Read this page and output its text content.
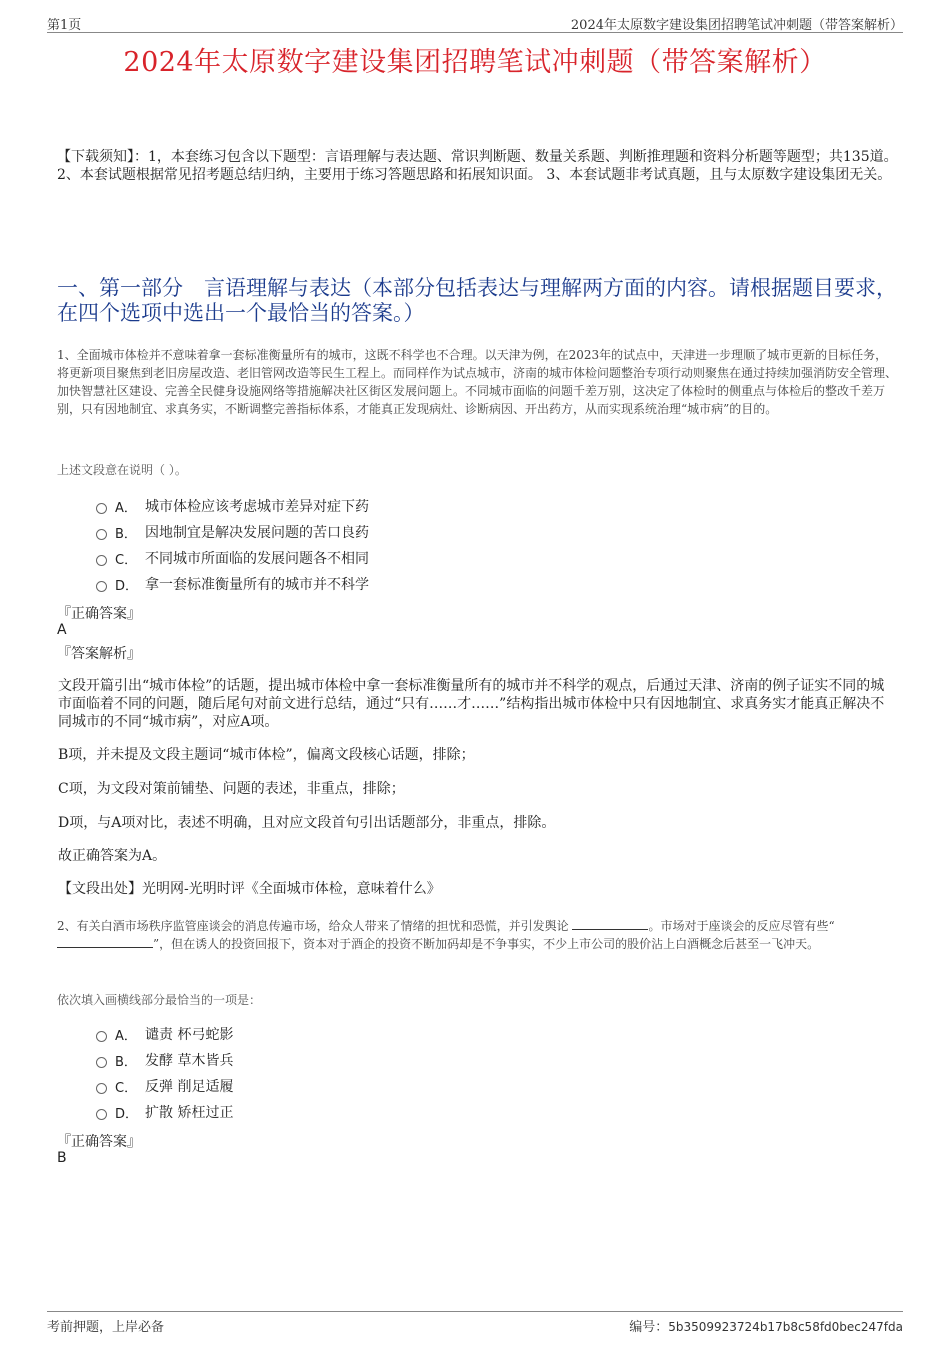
第1页	2024年太原数字建设集团招聘笔试冲刺题（带答案解析）
2024年太原数字建设集团招聘笔试冲刺题（带答案解析）
【下载须知】：1，本套练习包含以下题型：言语理解与表达题、常识判断题、数量关系题、判断推理题和资料分析题等题型；共135道。 2、本套试题根据常见招考题总结归纳，主要用于练习答题思路和拓展知识面。 3、本套试题非考试真题，且与太原数字建设集团无关。
一、第一部分　言语理解与表达（本部分包括表达与理解两方面的内容。请根据题目要求，在四个选项中选出一个最恰当的答案。）
1、全面城市体检并不意味着拿一套标准衡量所有的城市，这既不科学也不合理。以天津为例，在2023年的试点中，天津进一步理顺了城市更新的目标任务，将更新项目聚焦到老旧房屋改造、老旧管网改造等民生工程上。而同样作为试点城市，济南的城市体检问题整治专项行动则聚焦在通过持续加强消防安全管理、加快智慧社区建设、完善全民健身设施网络等措施解决社区街区发展问题上。不同城市面临的问题千差万别，这决定了体检时的侧重点与体检后的整改千差万别，只有因地制宜、求真务实，不断调整完善指标体系，才能真正发现病灶、诊断病因、开出药方，从而实现系统治理“城市病”的目的。
上述文段意在说明（ ）。
A． 城市体检应该考虑城市差异对症下药
B． 因地制宜是解决发展问题的苦口良药
C． 不同城市所面临的发展问题各不相同
D． 拿一套标准衡量所有的城市并不科学
『正确答案』
A
『答案解析』
文段开篇引出“城市体检”的话题，提出城市体检中拿一套标准衡量所有的城市并不科学的观点，后通过天津、济南的例子证实不同的城市面临着不同的问题，随后尾句对前文进行总结，通过“只有……才……”结构指出城市体检中只有因地制宜、求真务实才能真正解决不同城市的不同“城市病”，对应A项。
B项，并未提及文段主题词“城市体检”，偏离文段核心话题，排除；
C项，为文段对策前铺垫、问题的表述，非重点，排除；
D项，与A项对比，表述不明确，且对应文段首句引出话题部分，非重点，排除。
故正确答案为A。
【文段出处】光明网-光明时评《全面城市体检，意味着什么》
2、有关白酒市场秩序监管座谈会的消息传遍市场，给众人带来了情绪的担忧和恐慌，并引发舆论	。市场对于座谈会的反应尽管有些“”，但在诱人的投资回报下，资本对于酒企的投资不断加码却是不争事实，不少上市公司的股价沾上白酒概念后甚至一飞冲天。
依次填入画横线部分最恰当的一项是：
A． 谴责 杯弓蛇影
B． 发酵 草木皆兵
C． 反弹 削足适履
D． 扩散 矫枉过正
『正确答案』
B
考前押题，上岸必备	编号：5b3509923724b17b8c58fd0bec247fda
